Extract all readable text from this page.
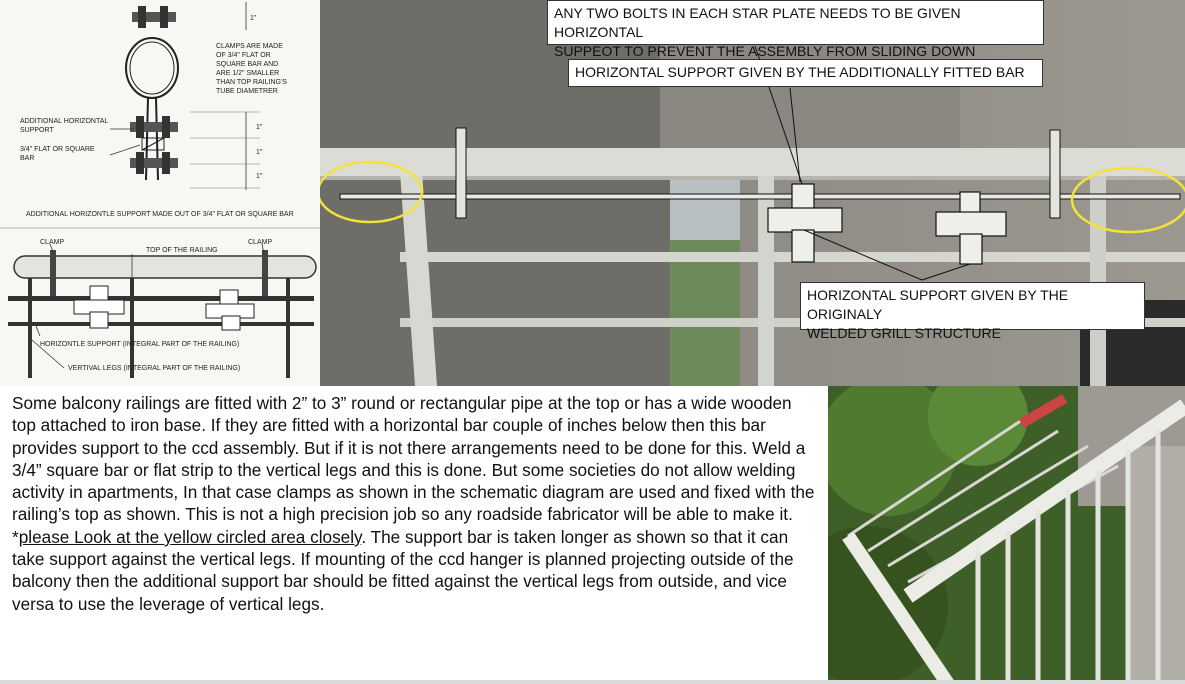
1"
1"
1"
1"
CLAMPS ARE MADE
OF 3/4" FLAT OR
SQUARE BAR AND
ARE 1/2" SMALLER
THAN TOP RAILING'S
TUBE DIAMETRER
ADDITIONAL HORIZONTAL
SUPPORT
3/4" FLAT OR SQUARE
BAR
ADDITIONAL HORIZONTLE SUPPORT MADE OUT OF 3/4" FLAT OR SQUARE BAR
CLAMP	CLAMP
TOP OF THE RAILING
HORIZONTLE SUPPORT (INTEGRAL PART OF THE RAILING)
VERTIVAL LEGS (INTEGRAL PART OF THE RAILING)
ANY TWO BOLTS IN EACH STAR PLATE NEEDS TO BE GIVEN HORIZONTAL
SUPPEOT TO PREVENT THE ASSEMBLY FROM SLIDING DOWN
HORIZONTAL SUPPORT GIVEN BY THE ADDITIONALLY FITTED BAR
HORIZONTAL SUPPORT GIVEN BY THE ORIGINALY
WELDED GRILL STRUCTURE
Some balcony railings are fitted with 2” to 3” round or rectangular pipe at the top or has a wide wooden top attached to iron base. If they are fitted with a horizontal bar couple of inches below then this bar provides support to the ccd assembly. But if it is not there arrangements need to be done for this. Weld a 3/4” square bar or flat strip to the vertical legs and this is done. But some societies do not allow welding activity in apartments, In that case clamps as shown in the schematic diagram are used and fixed with the railing’s top as shown. This is not a high precision job so any roadside fabricator will be able to make it. *please Look at the yellow circled area closely. The support bar is taken longer as shown so that it can take support against the vertical legs. If mounting of the ccd hanger is planned projecting outside of the balcony then the additional support bar should be fitted against the vertical legs from outside, and vice versa to use the leverage of vertical legs.
